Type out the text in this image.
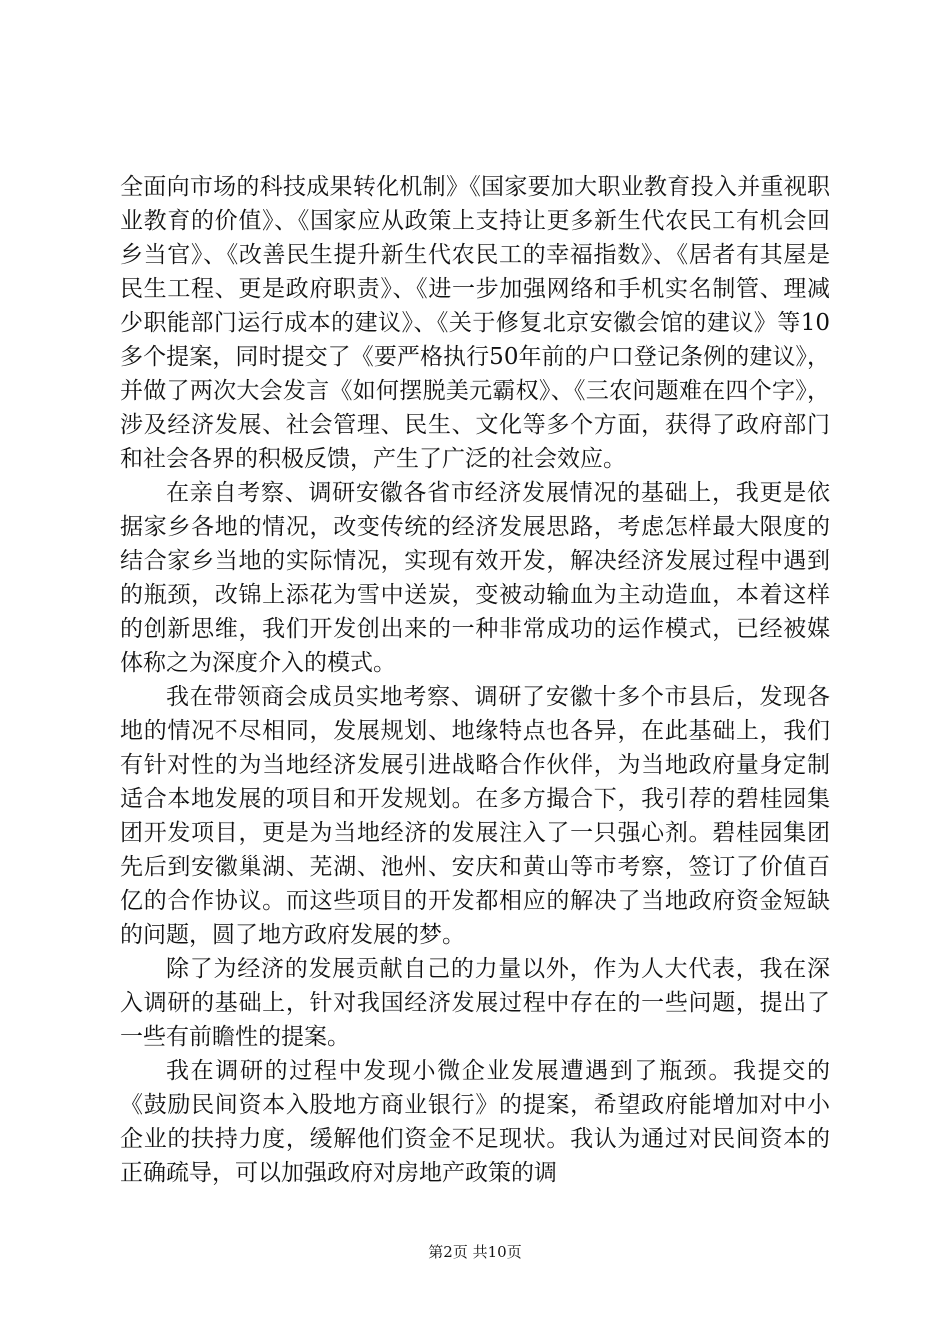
全面向市场的科技成果转化机制》《国家要加大职业教育投入并重视职业教育的价值》、《国家应从政策上支持让更多新生代农民工有机会回乡当官》、《改善民生提升新生代农民工的幸福指数》、《居者有其屋是民生工程、更是政府职责》、《进一步加强网络和手机实名制管、理减少职能部门运行成本的建议》、《关于修复北京安徽会馆的建议》等10多个提案，同时提交了《要严格执行50年前的户口登记条例的建议》，并做了两次大会发言《如何摆脱美元霸权》、《三农问题难在四个字》，涉及经济发展、社会管理、民生、文化等多个方面，获得了政府部门和社会各界的积极反馈，产生了广泛的社会效应。

在亲自考察、调研安徽各省市经济发展情况的基础上，我更是依据家乡各地的情况，改变传统的经济发展思路，考虑怎样最大限度的结合家乡当地的实际情况，实现有效开发，解决经济发展过程中遇到的瓶颈，改锦上添花为雪中送炭，变被动输血为主动造血，本着这样的创新思维，我们开发创出来的一种非常成功的运作模式，已经被媒体称之为深度介入的模式。

我在带领商会成员实地考察、调研了安徽十多个市县后，发现各地的情况不尽相同，发展规划、地缘特点也各异，在此基础上，我们有针对性的为当地经济发展引进战略合作伙伴，为当地政府量身定制适合本地发展的项目和开发规划。在多方撮合下，我引荐的碧桂园集团开发项目，更是为当地经济的发展注入了一只强心剂。碧桂园集团先后到安徽巢湖、芜湖、池州、安庆和黄山等市考察，签订了价值百亿的合作协议。而这些项目的开发都相应的解决了当地政府资金短缺的问题，圆了地方政府发展的梦。

除了为经济的发展贡献自己的力量以外，作为人大代表，我在深入调研的基础上，针对我国经济发展过程中存在的一些问题，提出了一些有前瞻性的提案。

我在调研的过程中发现小微企业发展遭遇到了瓶颈。我提交的《鼓励民间资本入股地方商业银行》的提案，希望政府能增加对中小企业的扶持力度，缓解他们资金不足现状。我认为通过对民间资本的正确疏导，可以加强政府对房地产政策的调

第2页 共10页
